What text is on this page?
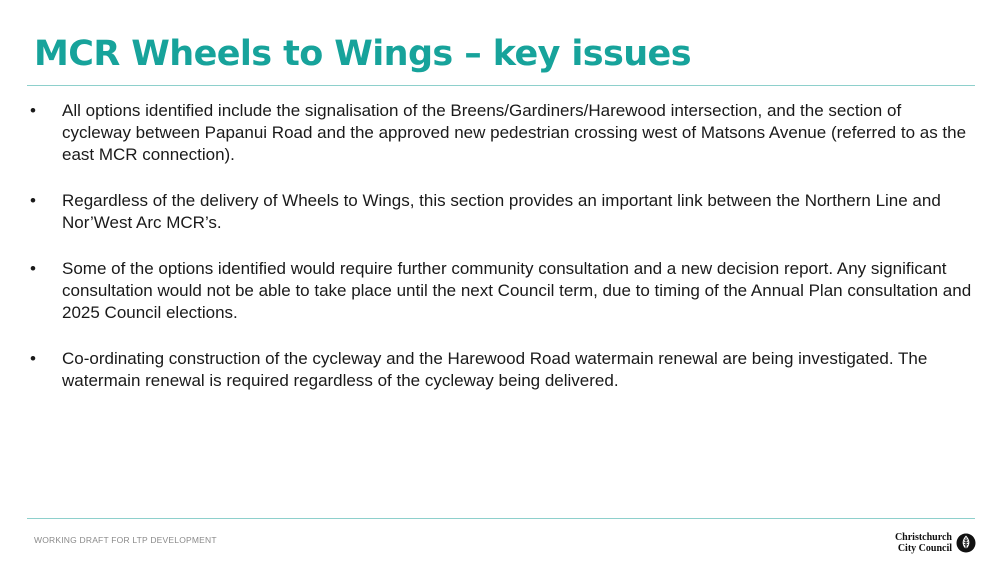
MCR Wheels to Wings – key issues
•	All options identified include the signalisation of the Breens/Gardiners/Harewood intersection, and the section of cycleway between Papanui Road and the approved new pedestrian crossing west of Matsons Avenue (referred to as the east MCR connection).
•	Regardless of the delivery of Wheels to Wings, this section provides an important link between the Northern Line and Nor’West Arc MCR’s.
•	Some of the options identified would require further community consultation and a new decision report. Any significant consultation would not be able to take place until the next Council term, due to timing of the Annual Plan consultation and 2025 Council elections.
•	Co-ordinating construction of the cycleway and the Harewood Road watermain renewal are being investigated. The watermain renewal is required regardless of the cycleway being delivered.
WORKING DRAFT FOR LTP DEVELOPMENT	Christchurch
City Council
